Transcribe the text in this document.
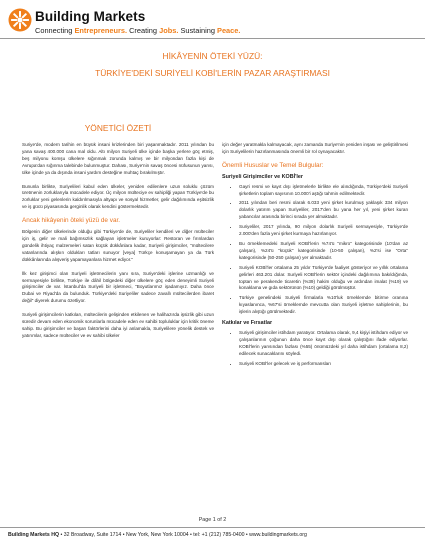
Building Markets
Connecting Entrepreneurs. Creating Jobs. Sustaining Peace.
HİKÂYENİN ÖTEKİ YÜZÜ:
TÜRKİYE'DEKİ SURİYELİ KOBİ'LERİN PAZAR ARAŞTIRMASI
YÖNETİCİ ÖZETİ

Suriye'de, modern tarihin en büyük insani krizlerinden biri yaşanmaktadır. 2011 yılından bu yana savaş 400.000 cana mal oldu. Altı milyon Suriyeli ülke içinde başka yerlere göç etmiş, beş milyonu komşu ülkelere sığınmak zorunda kalmış ve bir milyondan fazla kişi de Avrupa'dan sığınma talebinde bulunmuştur. Dahası, Suriye'nin savaş öncesi nüfusunun yarısı, ülke içinde ya da dışında insani yardım desteğine muhtaç bırakılmıştır.

Bununla birlikte, Suriyelileri kabul eden ülkeler, yeniden edilenlere uzun soluklu çözüm üretmenin zorluklarıyla mücadele ediyor. Üç milyon mülteciye ev sahipliği yapan Türkiye'de bu zorluklar yeni gelenlerin kaldırılmasıyla altyapı ve sosyal hizmetler, gelir dağılımında eşitsizlik ve iş gücü piyasasında gerginlik olarak kendini göstermektedir.

Ancak hikâyenin öteki yüzü de var.

Bölgenin diğer ülkelerinde olduğu gibi Türkiye'de de, Suriyeliler kendileri ve diğer mülteciler için iş, gelir ve mali bağımsızlık sağlayan işletmeler kuruyorlar: Restoran ve fırınlardan gündelik ihtiyaç malzemeleri satan küçük dükkânlara kadar, Suriyeli girişimciler, "mültecilere vatanlarında alışkın oldukları tatları sunuyor [veya] Türkçe konuşamayan ya da Türk dükkânlarında alışveriş yapamayanlara hizmet ediyor."

İlk kez girişimci olan Suriyeli işletmecilerin yanı sıra, Suriye'deki işlerine uzmanlığı ve sermayesiyle birlikte, Türkiye ile dâhil bölgedeki diğer ülkelere göç eden deneyimli Suriyeli girişimciler de var. İstanbul'da Suriyeli bir işletmeci, "Boyutlarımız işadamıyız. Daha önce Dubai ve Riyad'da da bulunduk. Türkiye'deki Suriyeliler sadece zavallı mültecilerden ibaret değil" diyerek durumu özetliyor.

Suriyeli girişimcilerin katkıları, mültecilerin gelişinden etkilenen ve halihazırda işsizlik gibi uzun süredir devam eden ekonomik sorunlarla mücadele eden ev sahibi topluluklar için kritik öneme sahip. Bu girişimciler ve başarı faktörlerini daha iyi anlamakla, Suriyelilere yönelik destek ve yatırımlar, sadece mülteciler ve ev sahibi ülkeler

için değer yaratmakla kalmayacak, aynı zamanda Suriye'nin yeniden inşası ve geliştirilmesi için Suriyelilerin hazırlanmasında önemli bir rol oynayacaktır.

Önemli Hususlar ve Temel Bulgular:
Suriyeli Girişimciler ve KOBİ'ler
• Gayri resmi ve kayıt dışı işletmelerle birlikte ele alındığında, Türkiye'deki Suriyeli şirketlerin toplam sayısının 10.000'i aştığı tahmin edilmektedir.
• 2011 yılından beri resmi olarak 6.033 yeni şirket kurulmuş yaklaşık 334 milyon dolarlık yatırım yapan Suriyeliler, 2017'den bu yana her yıl, yeni şirket kuran yabancılar arasında birinci sırada yer almaktadır.
• Suriyeliler, 2017 yılında, 90 milyon dolarlık Suriyeli sermayesiyle, Türkiye'de 2.000'den fazla yeni şirket kurmaya hazırlanıyor.
• Bu örneklemedeki Suriyeli KOBİ'lerin %74'ü "mikro" kategorisinde (10'dan az çalışan), %24'ü "küçük" kategorisinde (10-50 çalışan), %2'si ise "Orta" kategorisinde (50-250 çalışan) yer almaktadır.
• Suriyeli KOBİ'ler ortalama 25 yıldır Türkiye'de faaliyet gösteriyor ve yıllık ortalama gelirleri 463.201 dolar. Suriyeli KOBİ'lerin sektör içindeki dağılımına bakıldığında, toptan ve perakende ticaretin (%39) hakim olduğu ve ardından imalat (%19) ve konaklama ve gıda sektörünün (%10) geldiği görülmüştür.
• Türkiye genelindeki Suriyeli firmalarla %10'luk örneklemde bitirme oranına kıyaslanınca, %67'si örneklemde mevcutta olan Suriyeli işletme sahiplerinin, bu işlerin alıştığı görülmektedir.
Katkılar ve Fırsatlar
• Suriyeli girişimciler istihdam yaratıyor. Ortalama olarak, 9,4 kişiyi istihdam ediyor ve çalışanlarının çoğunun daha önce kayıt dışı olarak çalıştığını ifade ediyorlar. KOBİ'lerin yarısından fazlası (%55) önümüzdeki yıl daha istihdam (ortalama 8,2) edilecek sunacaklarını söyledi.
• Suriyeli KOBİ'ler gelecek ve iş performansları
Page 1 of 2
Building Markets HQ • 32 Broadway, Suite 1714 • New York, New York 10004 • tel: +1 (212) 785-0400 • www.buildingmarkets.org
